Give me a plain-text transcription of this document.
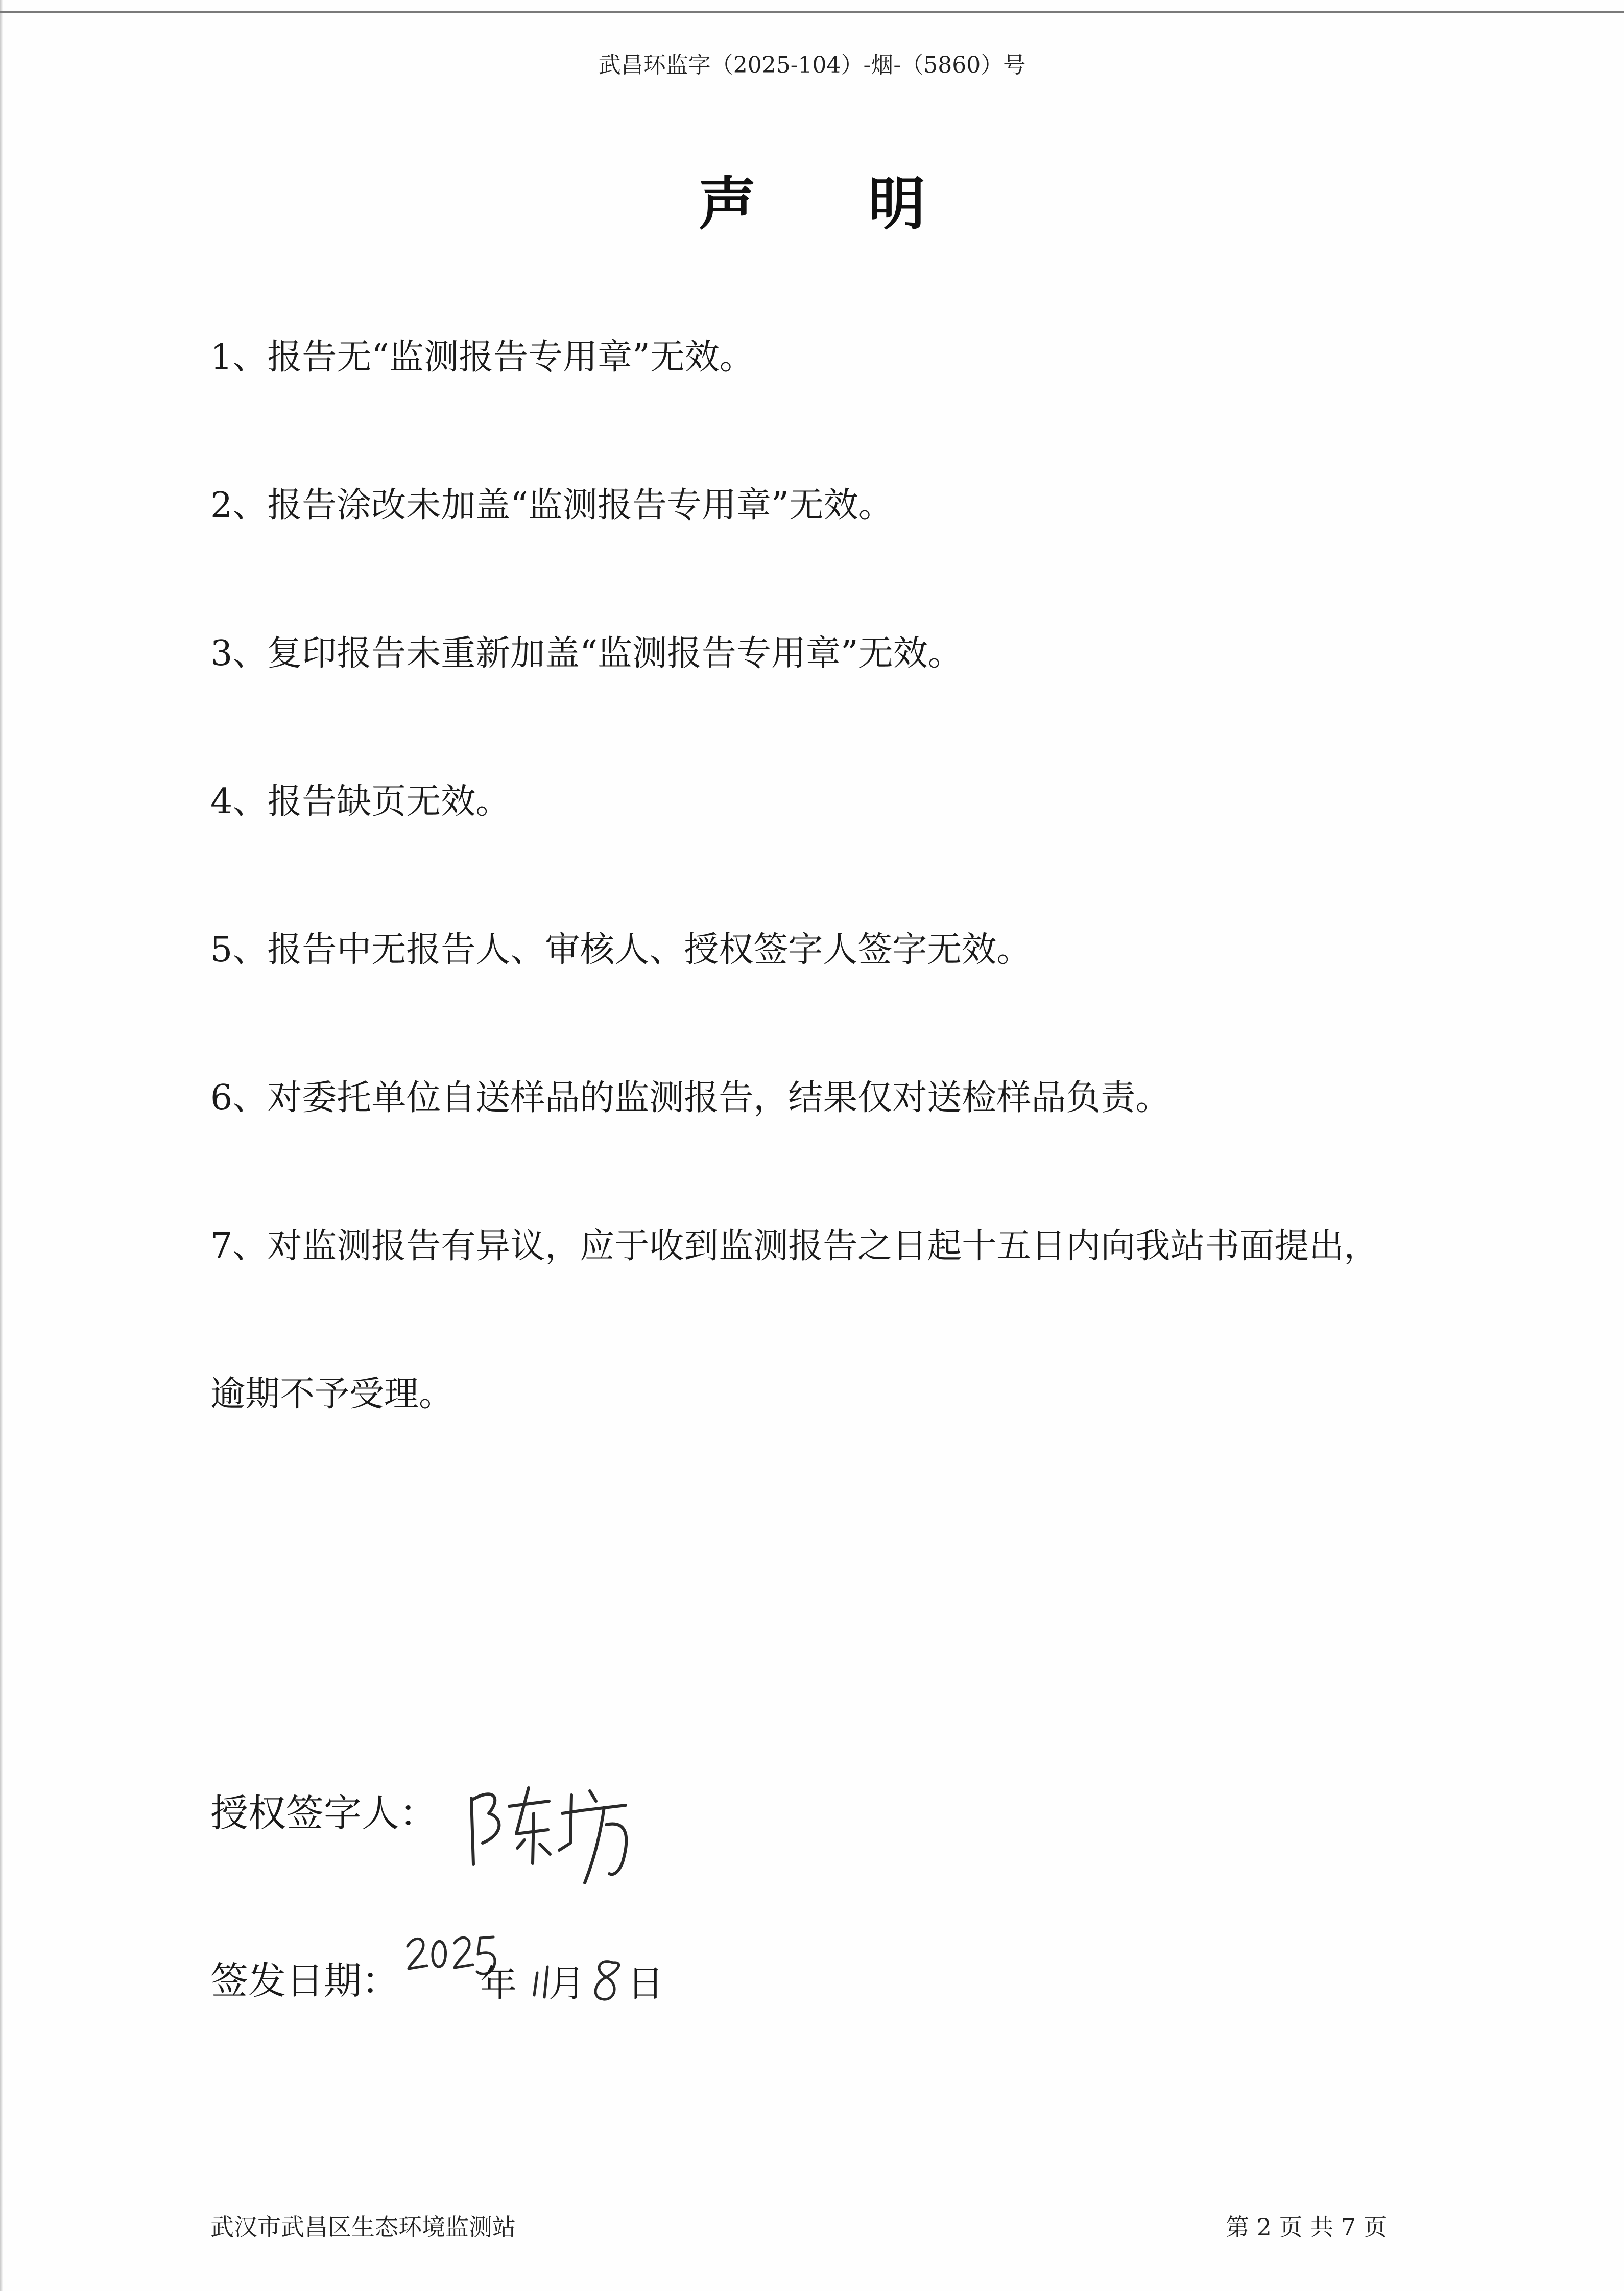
武昌环监字（2025-104）-烟-（5860）号
声明
1、报告无“监测报告专用章”无效。
2、报告涂改未加盖“监测报告专用章”无效。
3、复印报告未重新加盖“监测报告专用章”无效。
4、报告缺页无效。
5、报告中无报告人、审核人、授权签字人签字无效。
6、对委托单位自送样品的监测报告，结果仅对送检样品负责。
7、对监测报告有异议，应于收到监测报告之日起十五日内向我站书面提出，
逾期不予受理。
授权签字人：
签发日期： 年 月 日
武汉市武昌区生态环境监测站	第 2 页 共 7 页
